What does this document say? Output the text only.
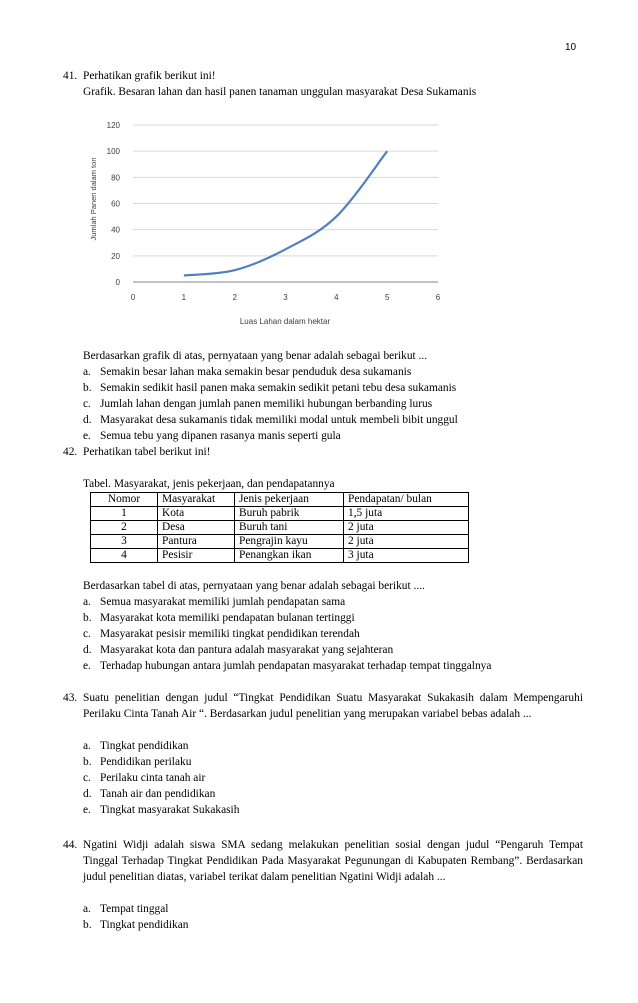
10
41. Perhatikan grafik berikut ini!
Grafik. Besaran lahan dan hasil panen tanaman unggulan masyarakat Desa Sukamanis
0
20
40
60
80
100
120
0	1	2	3	4	5	6
Jumlah Panen dalam ton
Luas Lahan dalam hektar
Berdasarkan grafik di atas, pernyataan yang benar adalah sebagai berikut ...
a. Semakin besar lahan maka semakin besar penduduk desa sukamanis
b. Semakin sedikit hasil panen maka semakin sedikit petani tebu desa sukamanis
c. Jumlah lahan dengan jumlah panen memiliki hubungan berbanding lurus
d. Masyarakat desa sukamanis tidak memiliki modal untuk membeli bibit unggul
e. Semua tebu yang dipanen rasanya manis seperti gula
42. Perhatikan tabel berikut ini!
Tabel. Masyarakat, jenis pekerjaan, dan pendapatannya
Nomor	Masyarakat	Jenis pekerjaan	Pendapatan/ bulan
1	Kota	Buruh pabrik	1,5 juta
2	Desa	Buruh tani	2 juta
3	Pantura	Pengrajin kayu	2 juta
4	Pesisir	Penangkan ikan	3 juta
Berdasarkan tabel di atas, pernyataan yang benar adalah sebagai berikut ....
a. Semua masyarakat memiliki jumlah pendapatan sama
b. Masyarakat kota memiliki pendapatan bulanan tertinggi
c. Masyarakat pesisir memiliki tingkat pendidikan terendah
d. Masyarakat kota dan pantura adalah masyarakat yang sejahteran
e. Terhadap hubungan antara jumlah pendapatan masyarakat terhadap tempat tinggalnya
43. Suatu penelitian dengan judul “Tingkat Pendidikan Suatu Masyarakat Sukakasih dalam Mempengaruhi Perilaku Cinta Tanah Air “. Berdasarkan judul penelitian yang merupakan variabel bebas adalah ...
a. Tingkat pendidikan
b. Pendidikan perilaku
c. Perilaku cinta tanah air
d. Tanah air dan pendidikan
e. Tingkat masyarakat Sukakasih
44. Ngatini Widji adalah siswa SMA sedang melakukan penelitian sosial dengan judul “Pengaruh Tempat Tinggal Terhadap Tingkat Pendidikan Pada Masyarakat Pegunungan di Kabupaten Rembang”. Berdasarkan judul penelitian diatas, variabel terikat dalam penelitian Ngatini Widji adalah ...
a. Tempat tinggal
b. Tingkat pendidikan
